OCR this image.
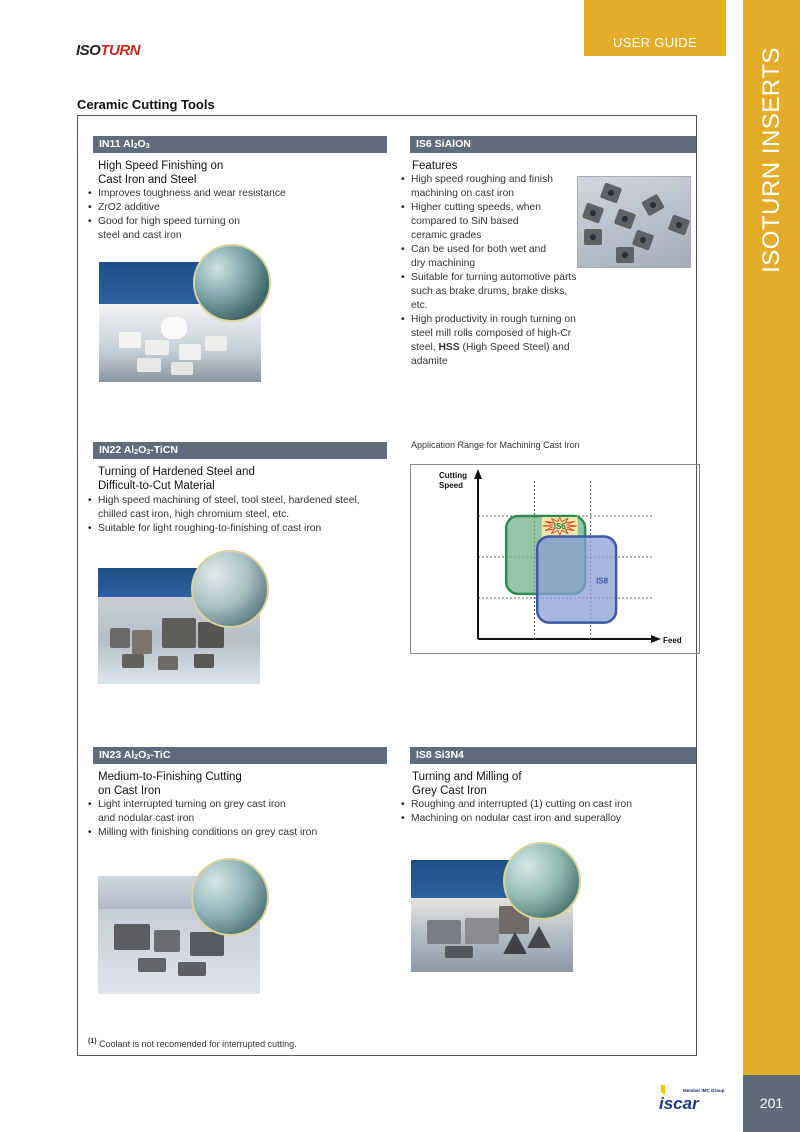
USER GUIDE
ISOTURN INSERTS
201
ISOTURN
Ceramic Cutting Tools
IN11 $Al_2O_3$
High Speed Finishing on
Cast Iron and Steel
• Improves toughness and wear resistance
• ZrO2 additive
• Good for high speed turning on steel and cast iron
IS6 SiAlON
Features
• High speed roughing and finish machining on cast iron
• Higher cutting speeds, when compared to SiN based ceramic grades
• Can be used for both wet and dry machining
• Suitable for turning automotive parts such as brake drums, brake disks, etc.
• High productivity in rough turning on steel mill rolls composed of high-Cr steel, HSS (High Speed Steel) and adamite
IN22 $Al_2O_3$-TiCN
Turning of Hardened Steel and
Difficult-to-Cut Material
• High speed machining of steel, tool steel, hardened steel, chilled cast iron, high chromium steel, etc.
• Suitable for light roughing-to-finishing of cast iron
Application Range for Machining Cast Iron
IS6
IS8
Cutting
Speed
Feed
IN23 $Al_2O_3$-TiC
Medium-to-Finishing Cutting
on Cast Iron
• Light interrupted turning on grey cast iron and nodular cast iron
• Milling with finishing conditions on grey cast iron
IS8 Si3N4
Turning and Milling of
Grey Cast Iron
• Roughing and interrupted (1) cutting on cast iron
• Machining on nodular cast iron and superalloy
$^{(1)}$ Coolant is not recomended for interrupted cutting.
Member IMC Group
iscar
